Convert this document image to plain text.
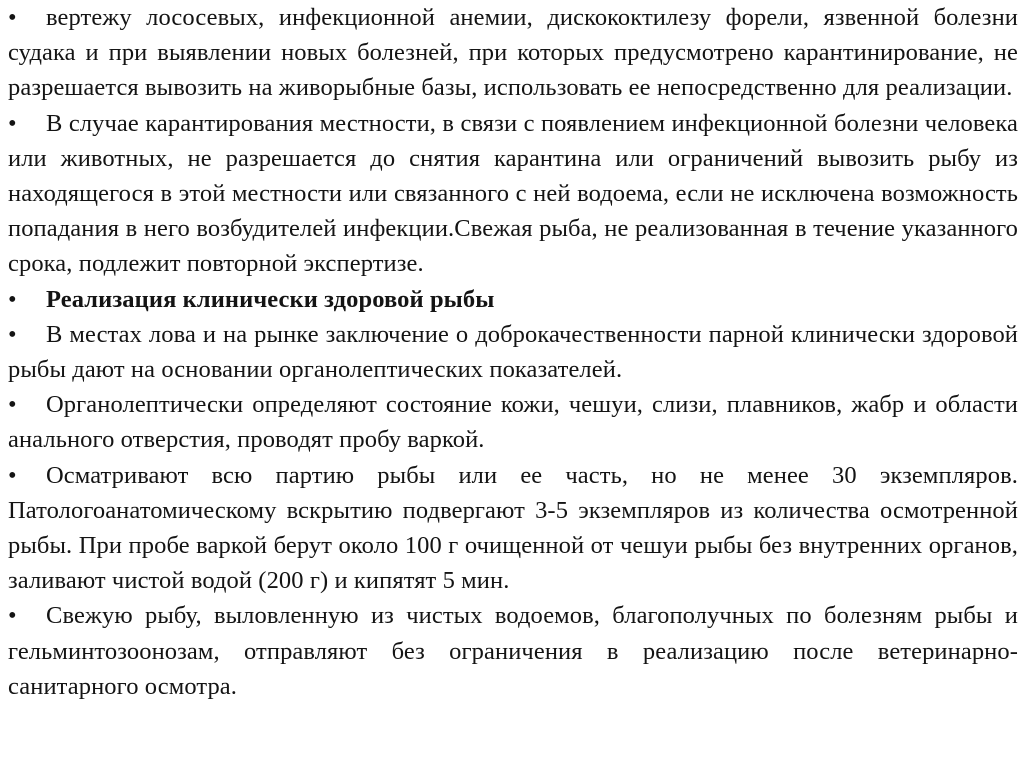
• вертежу лососевых, инфекционной анемии, дискококтилезу форели, язвенной болезни судака и при выявлении новых болезней, при которых предусмотрено карантинирование, не разрешается вывозить на живорыбные базы, использовать ее непосредственно для реализации.

• В случае карантирования местности, в связи с появлением инфекционной болезни человека или животных, не разрешается до снятия карантина или ограничений вывозить рыбу из находящегося в этой местности или связанного с ней водоема, если не исключена возможность попадания в него возбудителей инфекции.Свежая рыба, не реализованная в течение указанного срока, подлежит повторной экспертизе.

• Реализация клинически здоровой рыбы

• В местах лова и на рынке заключение о доброкачественности парной клинически здоровой рыбы дают на основании органолептических показателей.

• Органолептически определяют состояние кожи, чешуи, слизи, плавников, жабр и области анального отверстия, проводят пробу варкой.

• Осматривают всю партию рыбы или ее часть, но не менее 30 экземпляров. Патологоанатомическому вскрытию подвергают 3-5 экземпляров из количества осмотренной рыбы. При пробе варкой берут около 100 г очищенной от чешуи рыбы без внутренних органов, заливают чистой водой (200 г) и кипятят 5 мин.

• Свежую рыбу, выловленную из чистых водоемов, благополучных по болезням рыбы и гельминтозоонозам, отправляют без ограничения в реализацию после ветеринарно-санитарного осмотра.
